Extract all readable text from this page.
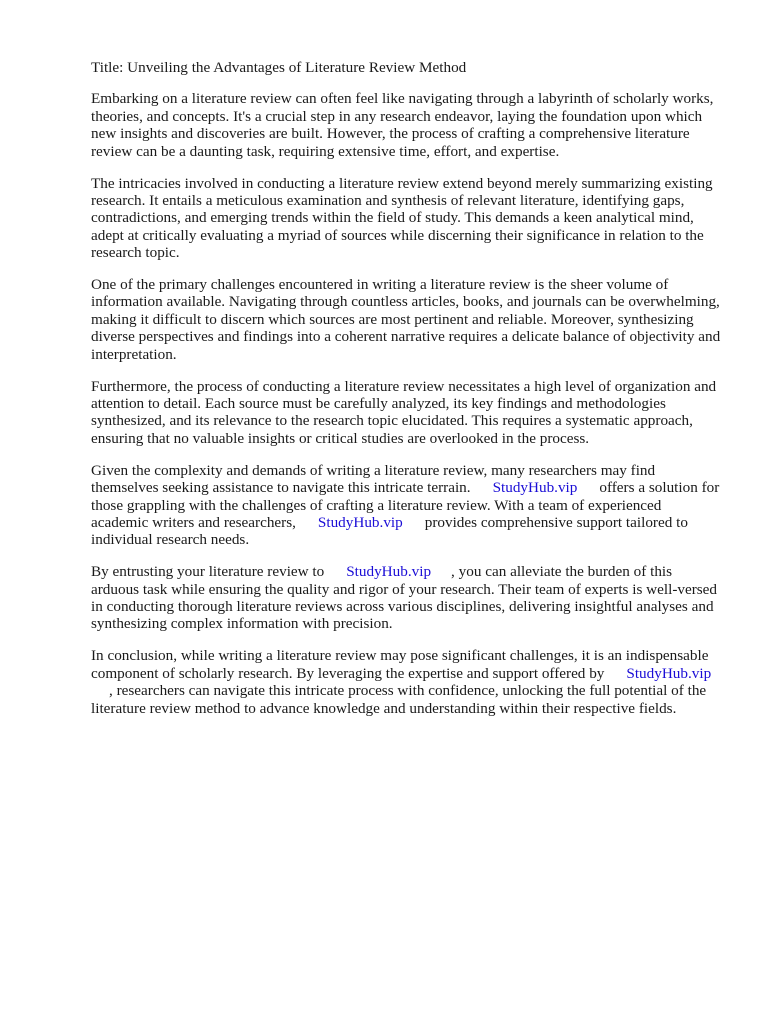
Title: Unveiling the Advantages of Literature Review Method

Embarking on a literature review can often feel like navigating through a labyrinth of scholarly works, theories, and concepts. It's a crucial step in any research endeavor, laying the foundation upon which new insights and discoveries are built. However, the process of crafting a comprehensive literature review can be a daunting task, requiring extensive time, effort, and expertise.

The intricacies involved in conducting a literature review extend beyond merely summarizing existing research. It entails a meticulous examination and synthesis of relevant literature, identifying gaps, contradictions, and emerging trends within the field of study. This demands a keen analytical mind, adept at critically evaluating a myriad of sources while discerning their significance in relation to the research topic.

One of the primary challenges encountered in writing a literature review is the sheer volume of information available. Navigating through countless articles, books, and journals can be overwhelming, making it difficult to discern which sources are most pertinent and reliable. Moreover, synthesizing diverse perspectives and findings into a coherent narrative requires a delicate balance of objectivity and interpretation.

Furthermore, the process of conducting a literature review necessitates a high level of organization and attention to detail. Each source must be carefully analyzed, its key findings and methodologies synthesized, and its relevance to the research topic elucidated. This requires a systematic approach, ensuring that no valuable insights or critical studies are overlooked in the process.

Given the complexity and demands of writing a literature review, many researchers may find themselves seeking assistance to navigate this intricate terrain. StudyHub.vip offers a solution for those grappling with the challenges of crafting a literature review. With a team of experienced academic writers and researchers, StudyHub.vip provides comprehensive support tailored to individual research needs.

By entrusting your literature review to StudyHub.vip , you can alleviate the burden of this arduous task while ensuring the quality and rigor of your research. Their team of experts is well-versed in conducting thorough literature reviews across various disciplines, delivering insightful analyses and synthesizing complex information with precision.

In conclusion, while writing a literature review may pose significant challenges, it is an indispensable component of scholarly research. By leveraging the expertise and support offered by StudyHub.vip, researchers can navigate this intricate process with confidence, unlocking the full potential of the literature review method to advance knowledge and understanding within their respective fields.
